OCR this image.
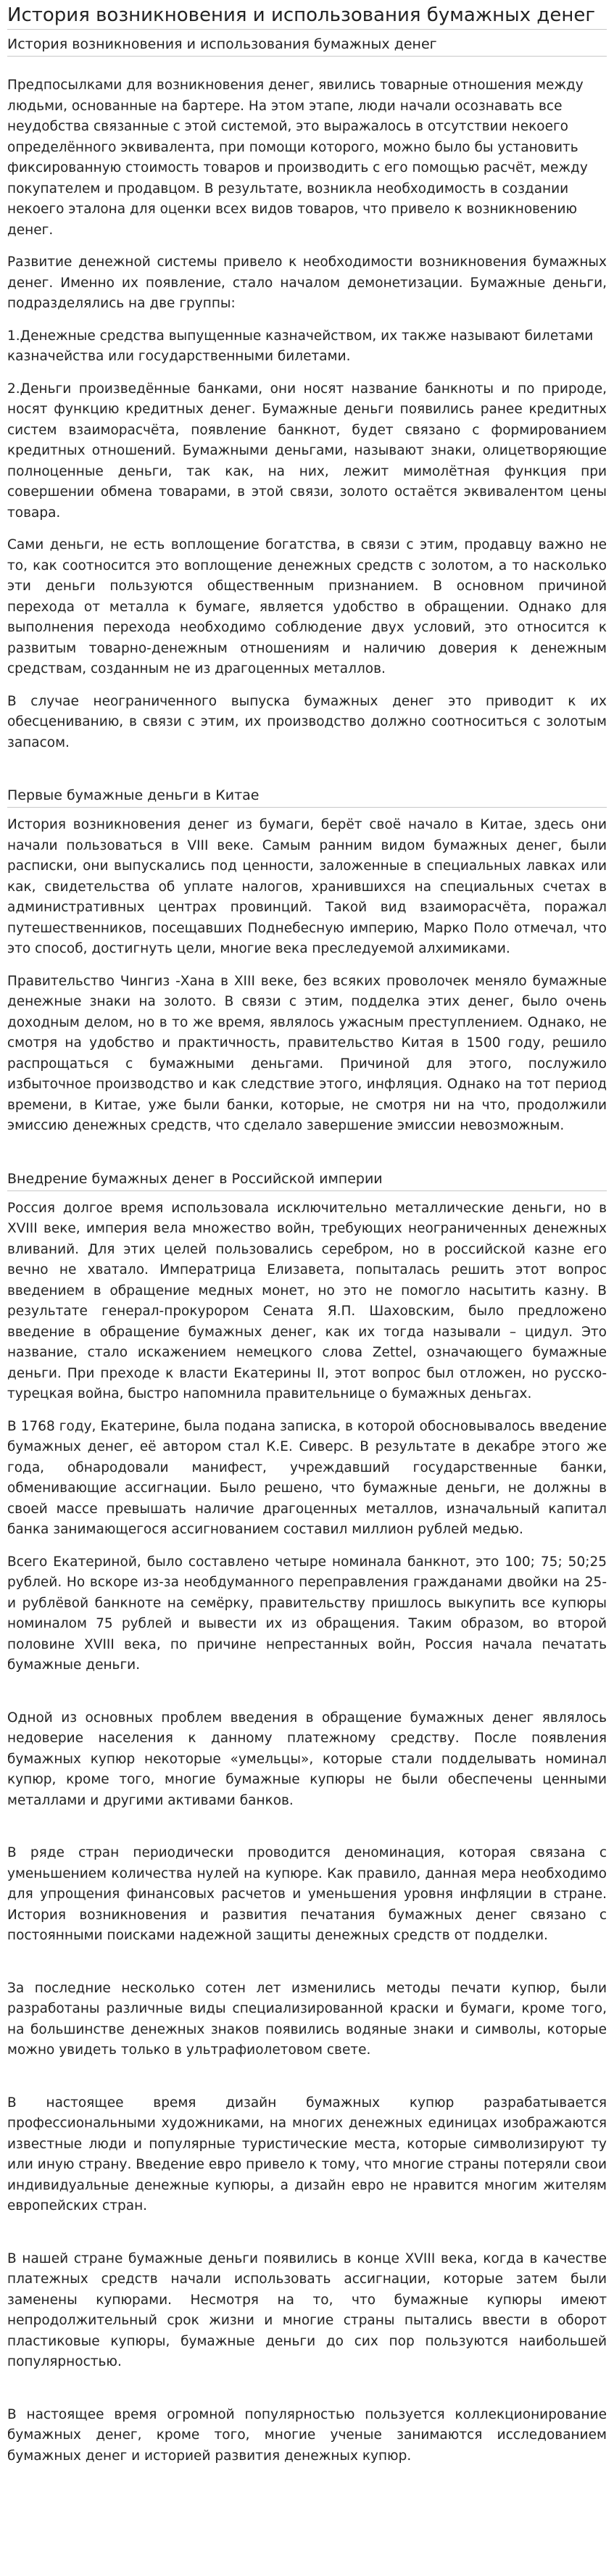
История возникновения и использования бумажных денег
История возникновения и использования бумажных денег

Предпосылками для возникновения денег, явились товарные отношения между людьми, основанные на бартере. На этом этапе, люди начали осознавать все неудобства связанные с этой системой, это выражалось в отсутствии некоего определённого эквивалента, при помощи которого, можно было бы установить фиксированную стоимость товаров и производить с его помощью расчёт, между покупателем и продавцом. В результате, возникла необходимость в создании некоего эталона для оценки всех видов товаров, что привело к возникновению денег.

Развитие денежной системы привело к необходимости возникновения бумажных денег. Именно их появление, стало началом демонетизации. Бумажные деньги, подразделялись на две группы:

1.Денежные средства выпущенные казначейством, их также называют билетами казначейства или государственными билетами.

2.Деньги произведённые банками, они носят название банкноты и по природе, носят функцию кредитных денег. Бумажные деньги появились ранее кредитных систем взаиморасчёта, появление банкнот, будет связано с формированием кредитных отношений. Бумажными деньгами, называют знаки, олицетворяющие полноценные деньги, так как, на них, лежит мимолётная функция при совершении обмена товарами, в этой связи, золото остаётся эквивалентом цены товара.

Сами деньги, не есть воплощение богатства, в связи с этим, продавцу важно не то, как соотносится это воплощение денежных средств с золотом, а то насколько эти деньги пользуются общественным признанием. В основном причиной перехода от металла к бумаге, является удобство в обращении. Однако для выполнения перехода необходимо соблюдение двух условий, это относится к развитым товарно-денежным отношениям и наличию доверия к денежным средствам, созданным не из драгоценных металлов.

В случае неограниченного выпуска бумажных денег это приводит к их обесцениванию, в связи с этим, их производство должно соотноситься с золотым запасом.

Первые бумажные деньги в Китае

История возникновения денег из бумаги, берёт своё начало в Китае, здесь они начали пользоваться в VIII веке. Самым ранним видом бумажных денег, были расписки, они выпускались под ценности, заложенные в специальных лавках или как, свидетельства об уплате налогов, хранившихся на специальных счетах в административных центрах провинций. Такой вид взаиморасчёта, поражал путешественников, посещавших Поднебесную империю, Марко Поло отмечал, что это способ, достигнуть цели, многие века преследуемой алхимиками.

Правительство Чингиз -Хана в XIII веке, без всяких проволочек меняло бумажные денежные знаки на золото. В связи с этим, подделка этих денег, было очень доходным делом, но в то же время, являлось ужасным преступлением. Однако, не смотря на удобство и практичность, правительство Китая в 1500 году, решило распрощаться с бумажными деньгами. Причиной для этого, послужило избыточное производство и как следствие этого, инфляция. Однако на тот период времени, в Китае, уже были банки, которые, не смотря ни на что, продолжили эмиссию денежных средств, что сделало завершение эмиссии невозможным.

Внедрение бумажных денег в Российской империи

Россия долгое время использовала исключительно металлические деньги, но в XVIII веке, империя вела множество войн, требующих неограниченных денежных вливаний. Для этих целей пользовались серебром, но в российской казне его вечно не хватало. Императрица Елизавета, попыталась решить этот вопрос введением в обращение медных монет, но это не помогло насытить казну. В результате генерал-прокурором Сената Я.П. Шаховским, было предложено введение в обращение бумажных денег, как их тогда называли – цидул. Это название, стало искажением немецкого слова Zettel, означающего бумажные деньги. При преходе к власти Екатерины II, этот вопрос был отложен, но русско-турецкая война, быстро напомнила правительнице о бумажных деньгах.

В 1768 году, Екатерине, была подана записка, в которой обосновывалось введение бумажных денег, её автором стал К.Е. Сиверс. В результате в декабре этого же года, обнародовали манифест, учреждавший государственные банки, обменивающие ассигнации. Было решено, что бумажные деньги, не должны в своей массе превышать наличие драгоценных металлов, изначальный капитал банка занимающегося ассигнованием составил миллион рублей медью.

Всего Екатериной, было составлено четыре номинала банкнот, это 100; 75; 50;25 рублей. Но вскоре из-за необдуманного переправления гражданами двойки на 25-и рублёвой банкноте на семёрку, правительству пришлось выкупить все купюры номиналом 75 рублей и вывести их из обращения. Таким образом, во второй половине XVIII века, по причине непрестанных войн, Россия начала печатать бумажные деньги.

Одной из основных проблем введения в обращение бумажных денег являлось недоверие населения к данному платежному средству. После появления бумажных купюр некоторые «умельцы», которые стали подделывать номинал купюр, кроме того, многие бумажные купюры не были обеспечены ценными металлами и другими активами банков.

В ряде стран периодически проводится деноминация, которая связана с уменьшением количества нулей на купюре. Как правило, данная мера необходимо для упрощения финансовых расчетов и уменьшения уровня инфляции в стране. История возникновения и развития печатания бумажных денег связано с постоянными поисками надежной защиты денежных средств от подделки.

За последние несколько сотен лет изменились методы печати купюр, были разработаны различные виды специализированной краски и бумаги, кроме того, на большинстве денежных знаков появились водяные знаки и символы, которые можно увидеть только в ультрафиолетовом свете.

В настоящее время дизайн бумажных купюр разрабатывается профессиональными художниками, на многих денежных единицах изображаются известные люди и популярные туристические места, которые символизируют ту или иную страну. Введение евро привело к тому, что многие страны потеряли свои индивидуальные денежные купюры, а дизайн евро не нравится многим жителям европейских стран.

В нашей стране бумажные деньги появились в конце XVIII века, когда в качестве платежных средств начали использовать ассигнации, которые затем были заменены купюрами. Несмотря на то, что бумажные купюры имеют непродолжительный срок жизни и многие страны пытались ввести в оборот пластиковые купюры, бумажные деньги до сих пор пользуются наибольшей популярностью.

В настоящее время огромной популярностью пользуется коллекционирование бумажных денег, кроме того, многие ученые занимаются исследованием бумажных денег и историей развития денежных купюр.
